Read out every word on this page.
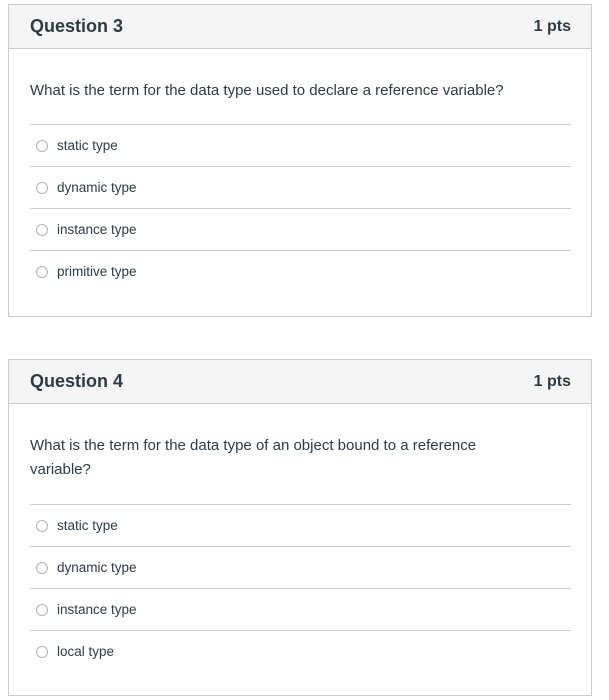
Question 3	1 pts
What is the term for the data type used to declare a reference variable?
static type
dynamic type
instance type
primitive type
Question 4	1 pts
What is the term for the data type of an object bound to a reference variable?
static type
dynamic type
instance type
local type
